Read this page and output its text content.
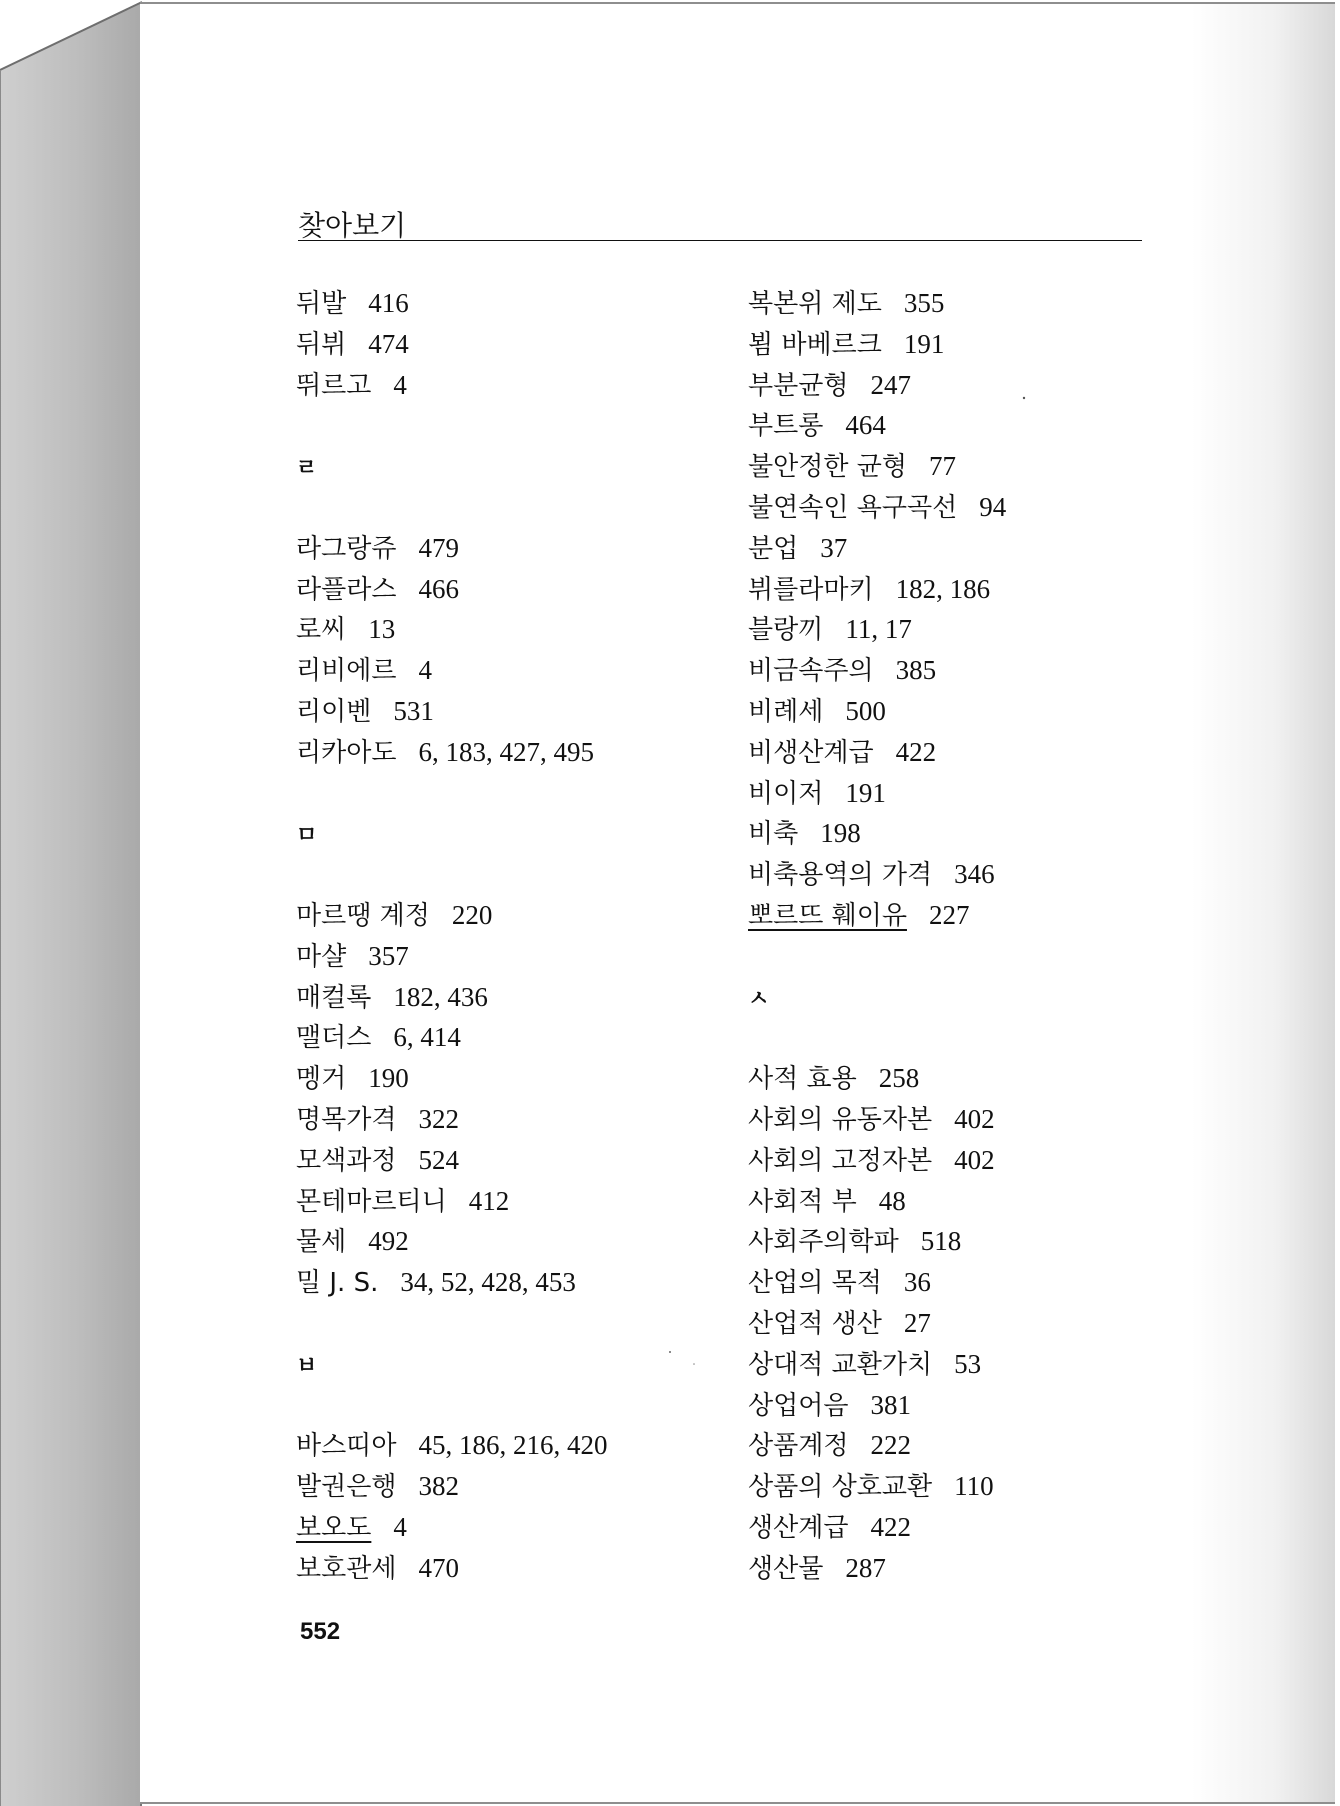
찾아보기
뒤발 416
뒤뷔 474
뛰르고 4
ㄹ
라그랑쥬 479
라플라스 466
로씨 13
리비에르 4
리이벤 531
리카아도 6, 183, 427, 495
ㅁ
마르땡 계정 220
마샬 357
매컬록 182, 436
맬더스 6, 414
멩거 190
명목가격 322
모색과정 524
몬테마르티니 412
물세 492
밀 J. S. 34, 52, 428, 453
ㅂ
바스띠아 45, 186, 216, 420
발권은행 382
보오도 4
보호관세 470
복본위 제도 355
뵘 바베르크 191
부분균형 247
부트롱 464
불안정한 균형 77
불연속인 욕구곡선 94
분업 37
뷔를라마키 182, 186
블랑끼 11, 17
비금속주의 385
비례세 500
비생산계급 422
비이저 191
비축 198
비축용역의 가격 346
뽀르뜨 훼이유 227
ㅅ
사적 효용 258
사회의 유동자본 402
사회의 고정자본 402
사회적 부 48
사회주의학파 518
산업의 목적 36
산업적 생산 27
상대적 교환가치 53
상업어음 381
상품계정 222
상품의 상호교환 110
생산계급 422
생산물 287
552
